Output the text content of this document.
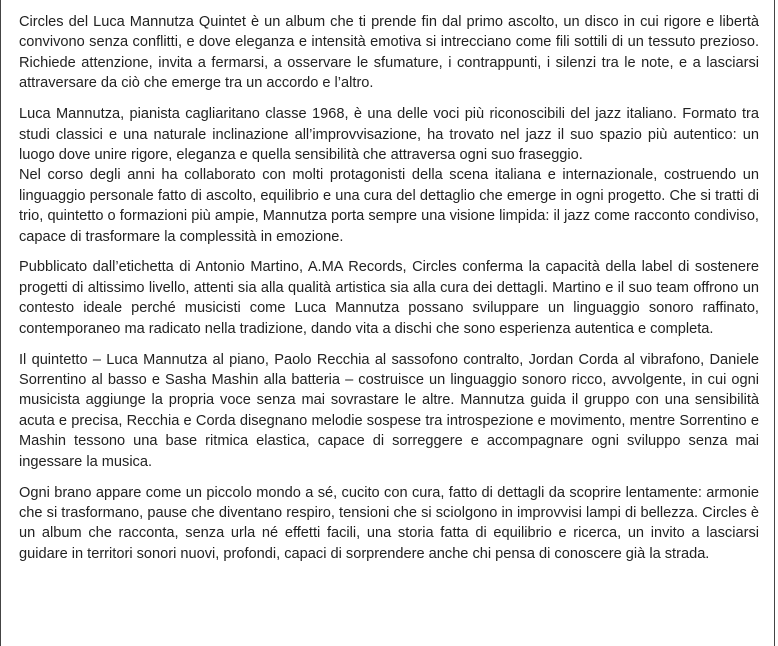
Circles del Luca Mannutza Quintet è un album che ti prende fin dal primo ascolto, un disco in cui rigore e libertà convivono senza conflitti, e dove eleganza e intensità emotiva si intrecciano come fili sottili di un tessuto prezioso. Richiede attenzione, invita a fermarsi, a osservare le sfumature, i contrappunti, i silenzi tra le note, e a lasciarsi attraversare da ciò che emerge tra un accordo e l’altro.

Luca Mannutza, pianista cagliaritano classe 1968, è una delle voci più riconoscibili del jazz italiano. Formato tra studi classici e una naturale inclinazione all’improvvisazione, ha trovato nel jazz il suo spazio più autentico: un luogo dove unire rigore, eleganza e quella sensibilità che attraversa ogni suo fraseggio.

Nel corso degli anni ha collaborato con molti protagonisti della scena italiana e internazionale, costruendo un linguaggio personale fatto di ascolto, equilibrio e una cura del dettaglio che emerge in ogni progetto. Che si tratti di trio, quintetto o formazioni più ampie, Mannutza porta sempre una visione limpida: il jazz come racconto condiviso, capace di trasformare la complessità in emozione.

Pubblicato dall’etichetta di Antonio Martino, A.MA Records, Circles conferma la capacità della label di sostenere progetti di altissimo livello, attenti sia alla qualità artistica sia alla cura dei dettagli. Martino e il suo team offrono un contesto ideale perché musicisti come Luca Mannutza possano sviluppare un linguaggio sonoro raffinato, contemporaneo ma radicato nella tradizione, dando vita a dischi che sono esperienza autentica e completa.

Il quintetto – Luca Mannutza al piano, Paolo Recchia al sassofono contralto, Jordan Corda al vibrafono, Daniele Sorrentino al basso e Sasha Mashin alla batteria – costruisce un linguaggio sonoro ricco, avvolgente, in cui ogni musicista aggiunge la propria voce senza mai sovrastare le altre. Mannutza guida il gruppo con una sensibilità acuta e precisa, Recchia e Corda disegnano melodie sospese tra introspezione e movimento, mentre Sorrentino e Mashin tessono una base ritmica elastica, capace di sorreggere e accompagnare ogni sviluppo senza mai ingessare la musica.

Ogni brano appare come un piccolo mondo a sé, cucito con cura, fatto di dettagli da scoprire lentamente: armonie che si trasformano, pause che diventano respiro, tensioni che si sciolgono in improvvisi lampi di bellezza. Circles è un album che racconta, senza urla né effetti facili, una storia fatta di equilibrio e ricerca, un invito a lasciarsi guidare in territori sonori nuovi, profondi, capaci di sorprendere anche chi pensa di conoscere già la strada.
